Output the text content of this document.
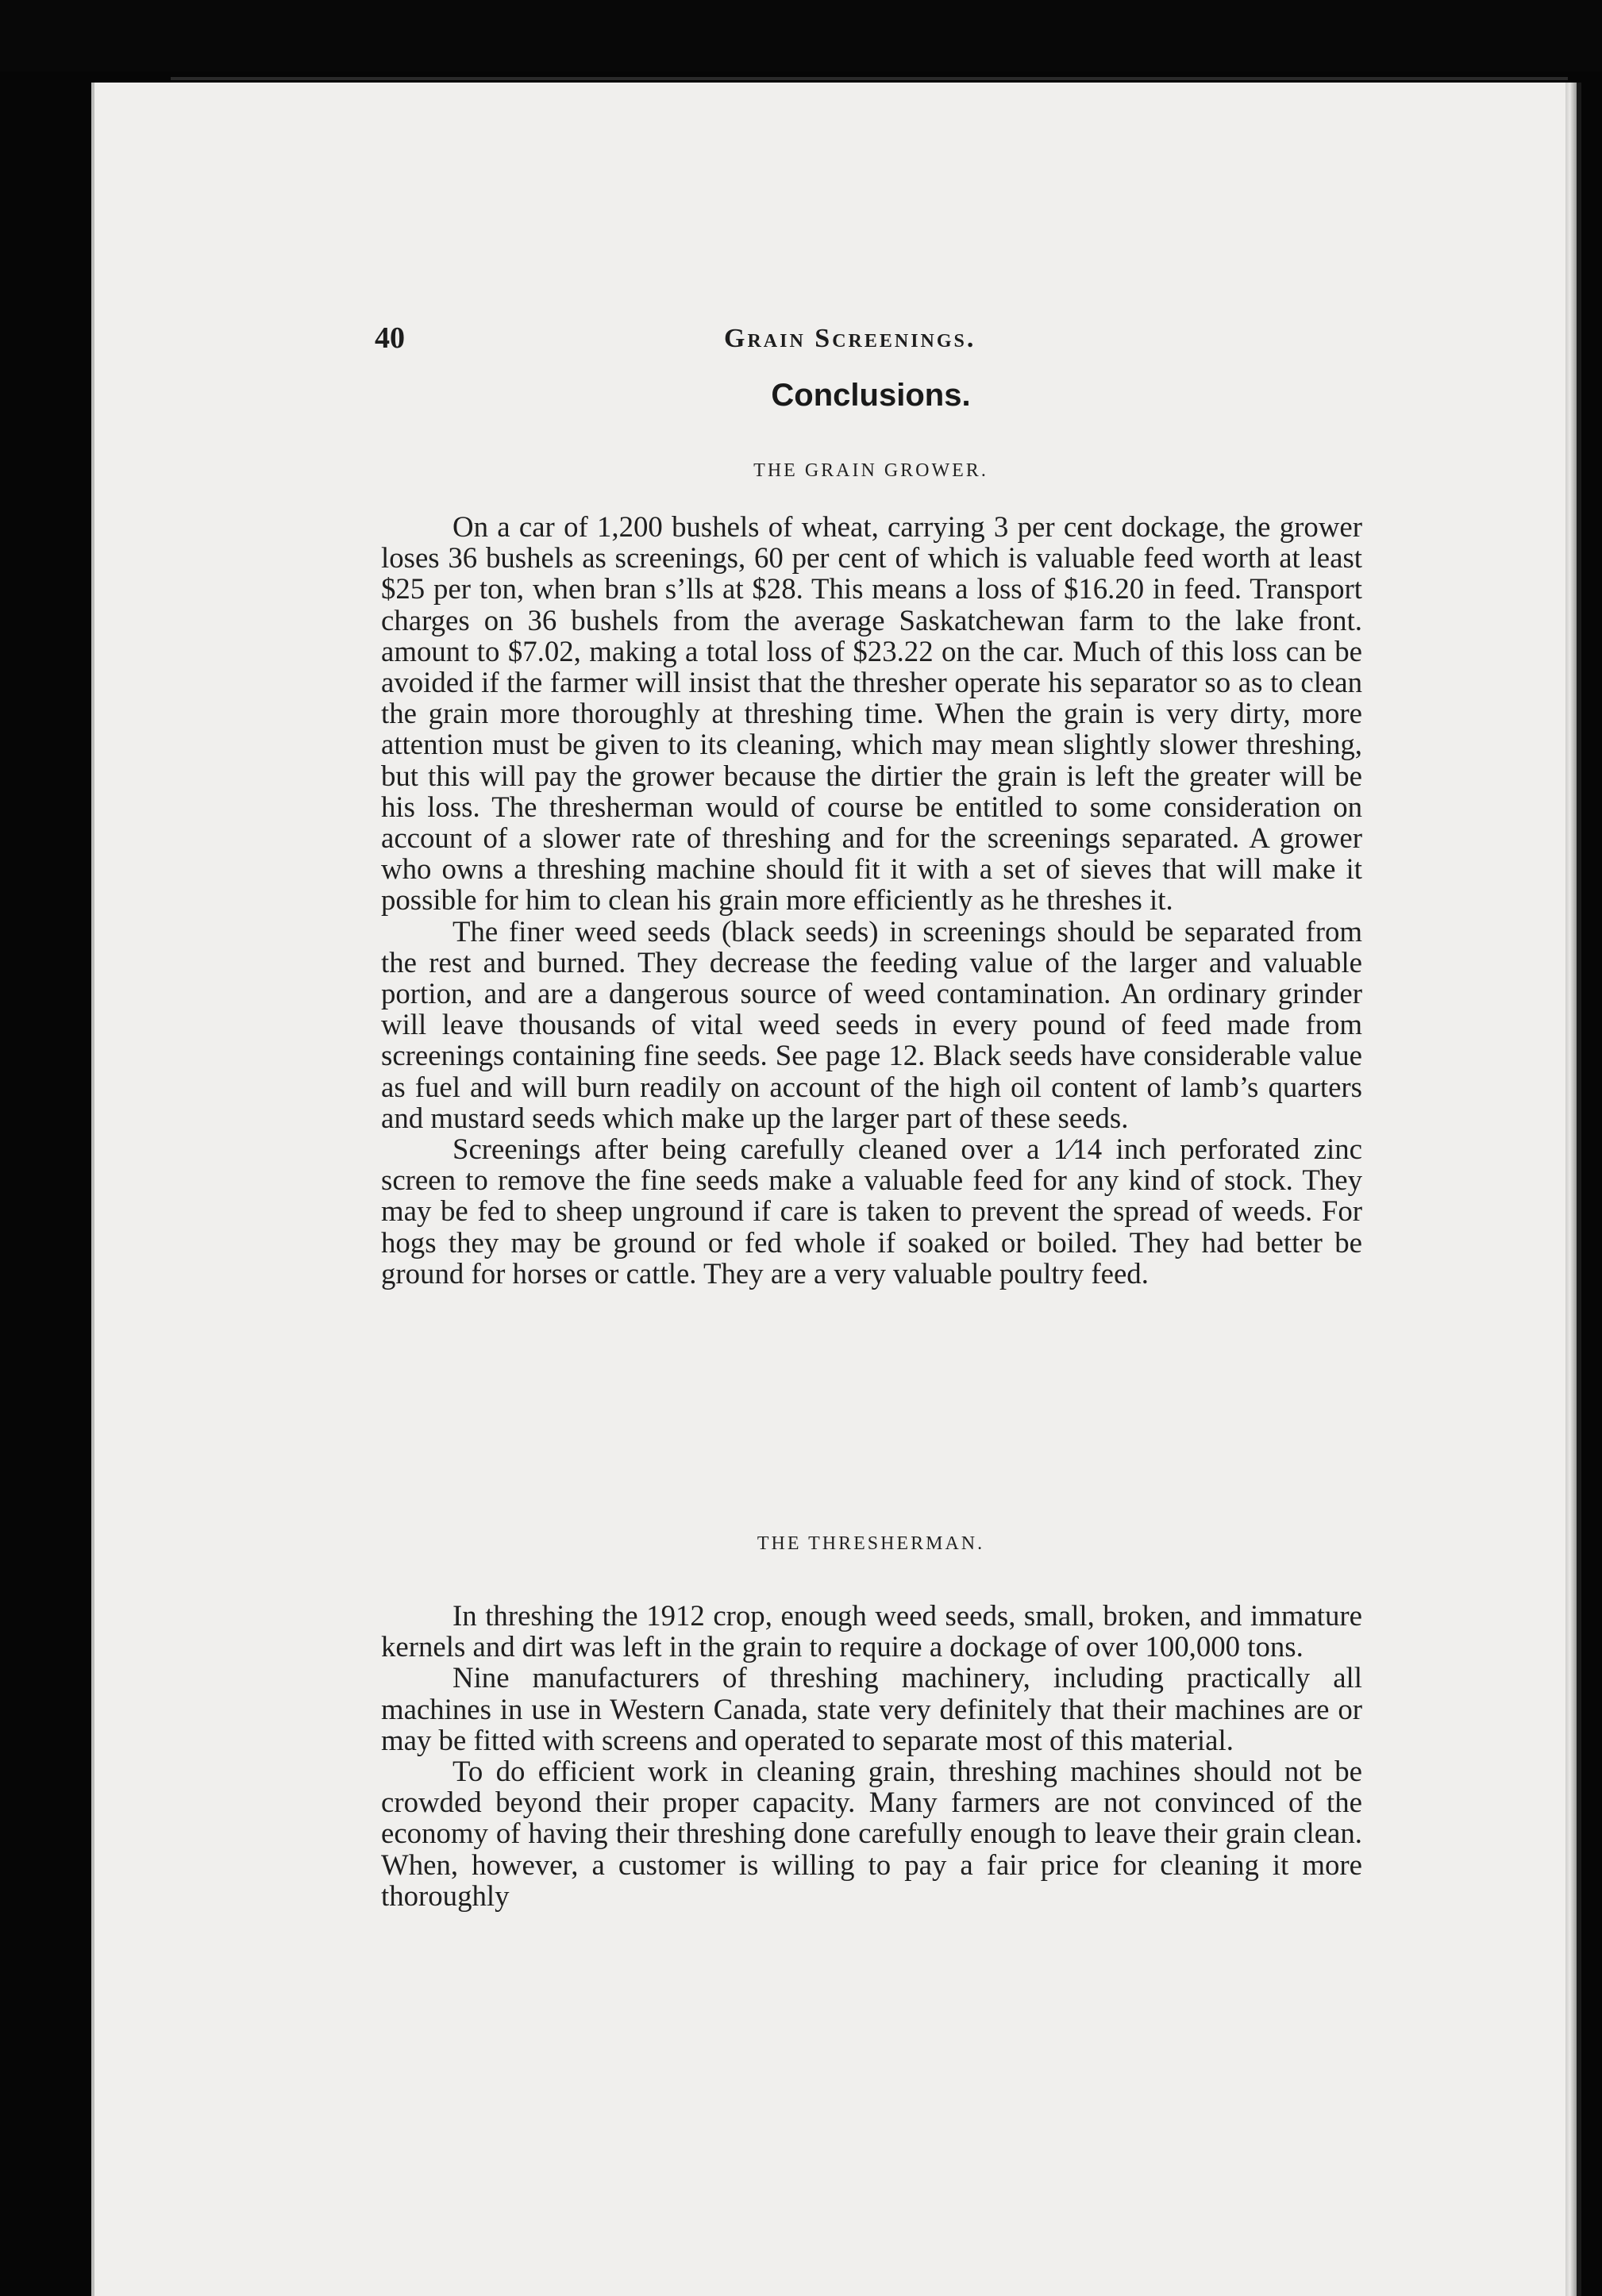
40	Grain Screenings.
Conclusions.
THE GRAIN GROWER.

On a car of 1,200 bushels of wheat, carrying 3 per cent dockage, the grower loses 36 bushels as screenings, 60 per cent of which is valuable feed worth at least $25 per ton, when bran s’lls at $28. This means a loss of $16.20 in feed. Transport charges on 36 bushels from the average Saskatchewan farm to the lake front. amount to $7.02, making a total loss of $23.22 on the car. Much of this loss can be avoided if the farmer will insist that the thresher operate his separator so as to clean the grain more thoroughly at threshing time. When the grain is very dirty, more attention must be given to its cleaning, which may mean slightly slower threshing, but this will pay the grower because the dirtier the grain is left the greater will be his loss. The thresherman would of course be entitled to some consideration on account of a slower rate of threshing and for the screenings separated. A grower who owns a threshing machine should fit it with a set of sieves that will make it possible for him to clean his grain more efficiently as he threshes it.

The finer weed seeds (black seeds) in screenings should be separated from the rest and burned. They decrease the feeding value of the larger and valuable portion, and are a dangerous source of weed contamination. An ordinary grinder will leave thousands of vital weed seeds in every pound of feed made from screenings containing fine seeds. See page 12. Black seeds have considerable value as fuel and will burn readily on account of the high oil content of lamb’s quarters and mustard seeds which make up the larger part of these seeds.

Screenings after being carefully cleaned over a 1⁄14 inch perforated zinc screen to remove the fine seeds make a valuable feed for any kind of stock. They may be fed to sheep unground if care is taken to prevent the spread of weeds. For hogs they may be ground or fed whole if soaked or boiled. They had better be ground for horses or cattle. They are a very valuable poultry feed.

THE THRESHERMAN.

In threshing the 1912 crop, enough weed seeds, small, broken, and immature kernels and dirt was left in the grain to require a dockage of over 100,000 tons.

Nine manufacturers of threshing machinery, including practically all machines in use in Western Canada, state very definitely that their machines are or may be fitted with screens and operated to separate most of this material.

To do efficient work in cleaning grain, threshing machines should not be crowded beyond their proper capacity. Many farmers are not convinced of the economy of having their threshing done carefully enough to leave their grain clean. When, however, a customer is willing to pay a fair price for cleaning it more thoroughly
